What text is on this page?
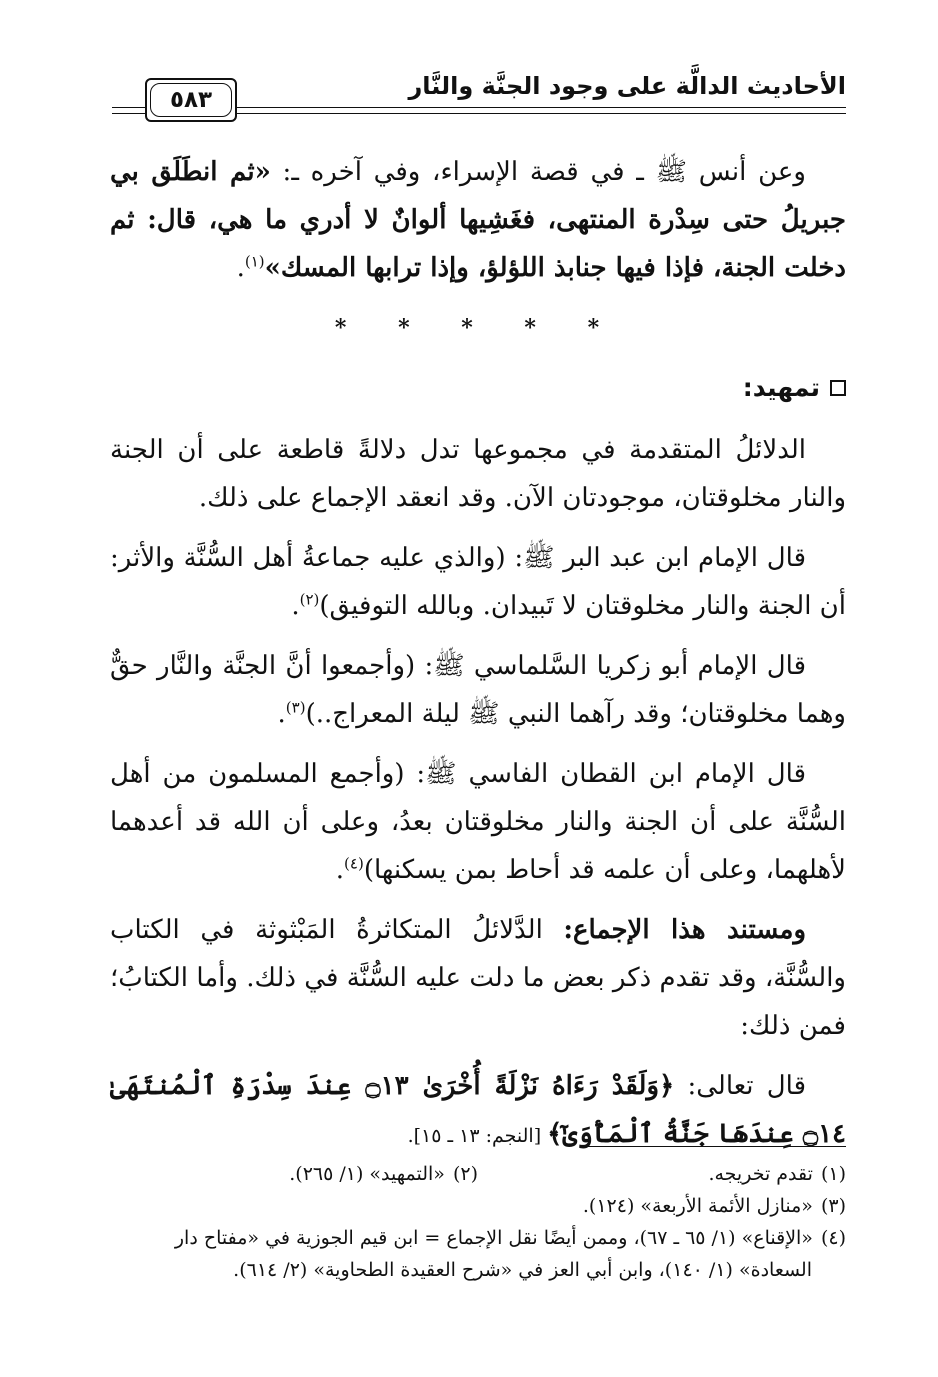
الأحاديث الدالَّة على وجود الجنَّة والنَّار
٥٨٣

وعن أنس ﷺ ـ في قصة الإسراء، وفي آخره ـ: «ثم انطَلَق بي جبريلُ حتى سِدْرة المنتهى، فغَشِيها ألوانٌ لا أدري ما هي، قال: ثم دخلت الجنة، فإذا فيها جنابذ اللؤلؤ، وإذا ترابها المسك»$^{(١)}$.

* * * * *

تمهيد:

الدلائلُ المتقدمة في مجموعها تدل دلالةً قاطعة على أن الجنة والنار مخلوقتان، موجودتان الآن. وقد انعقد الإجماع على ذلك.

قال الإمام ابن عبد البر ﷺ: (والذي عليه جماعةُ أهل السُّنَّة والأثر: أن الجنة والنار مخلوقتان لا تَبيدان. وبالله التوفيق)$^{(٢)}$.

قال الإمام أبو زكريا السَّلماسي ﷺ: (وأجمعوا أنَّ الجنَّة والنَّار حقٌّ وهما مخلوقتان؛ وقد رآهما النبي ﷺ ليلة المعراج..)$^{(٣)}$.

قال الإمام ابن القطان الفاسي ﷺ: (وأجمع المسلمون من أهل السُّنَّة على أن الجنة والنار مخلوقتان بعدُ، وعلى أن الله قد أعدهما لأهلهما، وعلى أن علمه قد أحاط بمن يسكنها)$^{(٤)}$.

ومستند هذا الإجماع: الدَّلائلُ المتكاثرةُ المَبْثوثة في الكتاب والسُّنَّة، وقد تقدم ذكر بعض ما دلت عليه السُّنَّة في ذلك. وأما الكتابُ؛ فمن ذلك:

قال تعالى: ﴿وَلَقَدْ رَءَاهُ نَزْلَةً أُخْرَىٰ ۝١٣ عِندَ سِدْرَةِ ٱلْمُنتَهَىٰ ۝١٤ عِندَهَا جَنَّةُ ٱلْمَأْوَىٰٓ﴾ [النجم: ١٣ ـ ١٥].

(١)تقدم تخريجه.
(٢)«التمهيد» (١/ ٢٦٥).
(٣)«منازل الأئمة الأربعة» (١٢٤).
(٤)«الإقناع» (١/ ٦٥ ـ ٦٧)، وممن أيضًا نقل الإجماع = ابن قيم الجوزية في «مفتاح دار
السعادة» (١/ ١٤٠)، وابن أبي العز في «شرح العقيدة الطحاوية» (٢/ ٦١٤).
